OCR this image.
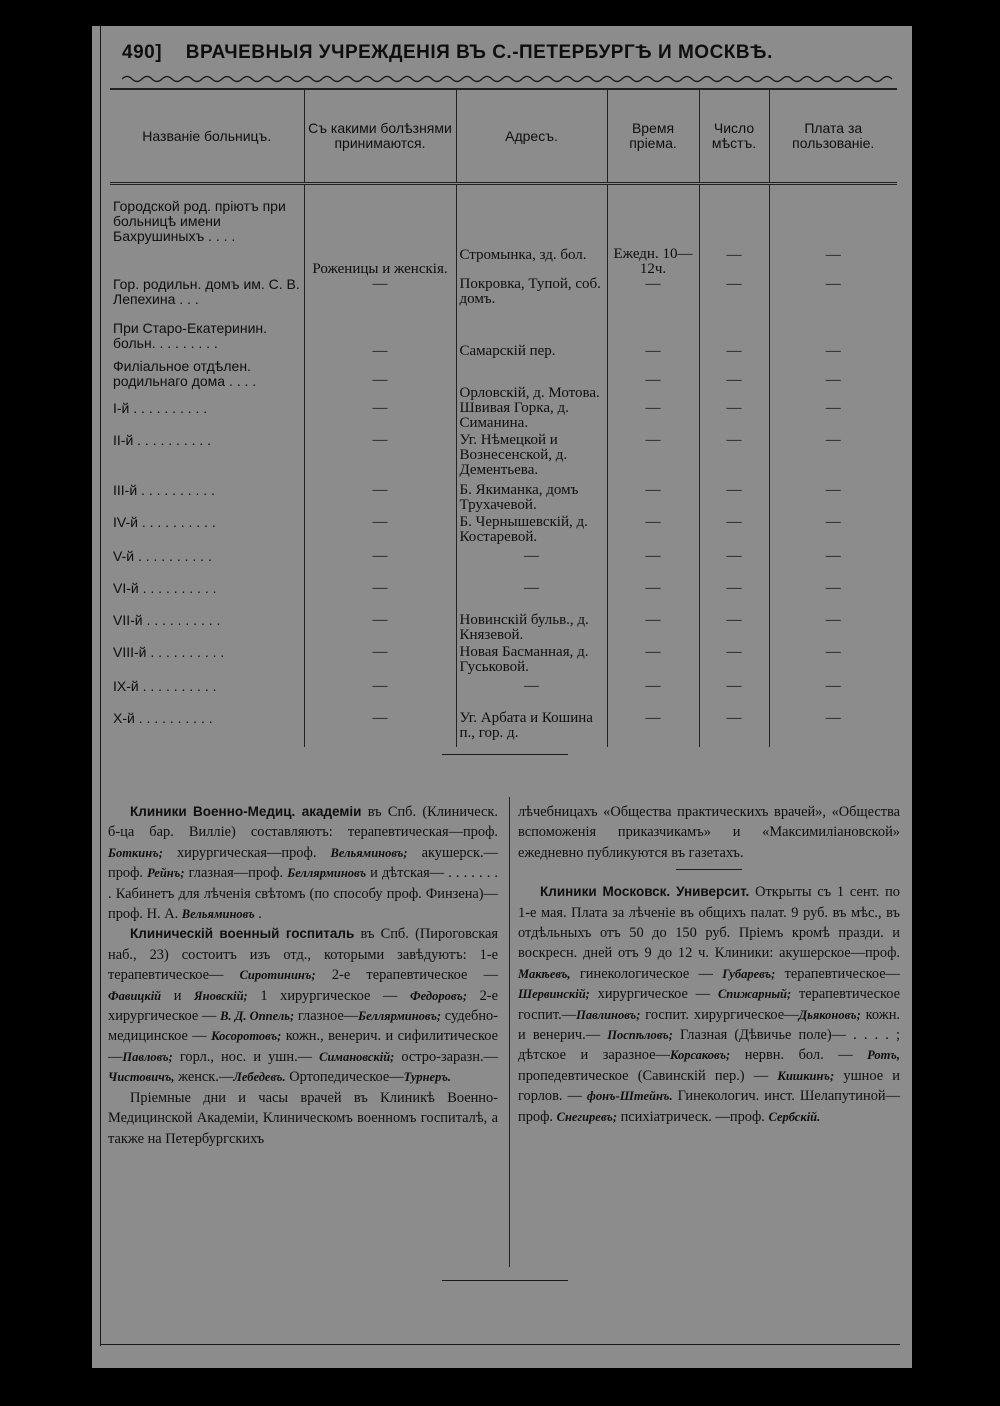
490] ВРАЧЕВНЫЯ УЧРЕЖДЕНІЯ ВЪ С.-ПЕТЕРБУРГѢ И МОСКВѢ.
Названіе больницъ.	Съ какими болѣзнями принимаются.	Адресъ.	Время пріема.	Число мѣстъ.	Плата за пользованіе.

Городской род. пріютъ при больницѣ имени Бахрушиныхъ . . . .	Роженицы и женскія.	Стромынка, зд. бол.	Ежедн. 10—12ч.	—	—
Гор. родильн. домъ им. С. В. Лепехина . . .	—	Покровка, Тупой, соб. домъ.	—	—	—
При Старо-Екатеринин. больн. . . . . . . . .	—	Самарскій пер.	—	—	—
Филіальное отдѣлен. родильнаго дома . . . .	—	Орловскій, д. Мотова.	—	—	—
I-й . . . . . . . . . .	—	Швивая Горка, д. Симанина.	—	—	—
II-й . . . . . . . . . .	—	Уг. Нѣмецкой и Вознесенской, д. Дементьева.	—	—	—
III-й . . . . . . . . . .	—	Б. Якиманка, домъ Трухачевой.	—	—	—
IV-й . . . . . . . . . .	—	Б. Чернышевскій, д. Костаревой.	—	—	—
V-й . . . . . . . . . .	—	—	—	—	—
VI-й . . . . . . . . . .	—	—	—	—	—
VII-й . . . . . . . . . .	—	Новинскій бульв., д. Князевой.	—	—	—
VIII-й . . . . . . . . . .	—	Новая Басманная, д. Гуськовой.	—	—	—
IX-й . . . . . . . . . .	—	—	—	—	—
X-й . . . . . . . . . .	—	Уг. Арбата и Кошина п., гор. д.	—	—	—

Клиники Военно-Медиц. академіи въ Спб. (Клиническ. б-ца бар. Виллie) составляютъ: терапевтическая—проф. Боткинъ; хирургическая—проф. Вельяминовъ; акушерск.—проф. Рейнъ; глазная—проф. Беллярминовъ и дѣтская— . . . . . . . . Кабинетъ для лѣченія свѣтомъ (по способу проф. Финзена)—проф. Н. А. Вельяминовъ .

Клиническій военный госпиталь въ Спб. (Пироговская наб., 23) состоитъ изъ отд., которыми завѣдуютъ: 1-е терапевтическое— Сиротининъ; 2-е терапевтическое — Фавицкій и Яновскій; 1 хирургическое — Федоровъ; 2-е хирургическое — В. Д. Оппель; глазное—Беллярминовъ; судебно-медицинское — Косоротовъ; кожн., венерич. и сифилитическое—Павловъ; горл., нос. и ушн.— Симановскій; остро-заразн.— Чистовичъ, женск.—Лебедевъ. Ортопедическое—Турнеръ.

Пріемные дни и часы врачей въ Клиникѣ Военно-Медицинской Академіи, Клиническомъ военномъ госпиталѣ, а также на Петербургскихъ

лѣчебницахъ «Общества практическихъ врачей», «Общества вспоможенія приказчикамъ» и «Максимиліановской» ежедневно публикуются въ газетахъ.

Клиники Московск. Университ. Открыты съ 1 сент. по 1-е мая. Плата за лѣченіе въ общихъ палат. 9 руб. въ мѣс., въ отдѣльныхъ отъ 50 до 150 руб. Пріемъ кромѣ празди. и воскресн. дней отъ 9 до 12 ч. Клиники: акушерское—проф. Макѣевъ, гинекологическое — Губаревъ; терапевтическое—Шервинскій; хирургическое — Спижарный; терапевтическое госпит.—Павлиновъ; госпит. хирургическое—Дьяконовъ; кожн. и венерич.— Поспѣловъ; Глазная (Дѣвичье поле)— . . . . ; дѣтское и заразное—Корсаковъ; нервн. бол. — Ротъ, пропедевтическое (Савинскій пер.) — Кишкинъ; ушное и горлов. — фонъ-Штейнъ. Гинекологич. инст. Шелапутиной—проф. Снегиревъ; психіатрическ. —проф. Сербскій.
